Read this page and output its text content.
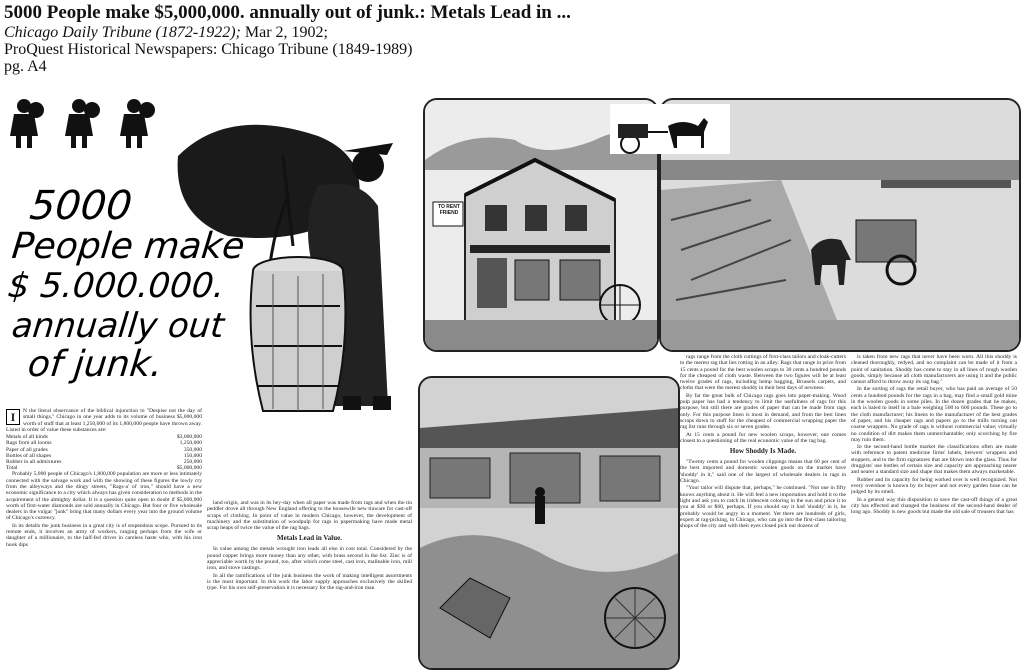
5000 People make $5,000,000. annually out of junk.: Metals Lead in ...
Chicago Daily Tribune (1872-1922); Mar 2, 1902;
ProQuest Historical Newspapers: Chicago Tribune (1849-1989)
pg. A4
5000
People make
$ 5.000.000.
annually out
of junk.
TO RENT
FRIEND
I	N the literal observance of the biblical injunction to "Despise not the day of small things," Chicago in one year adds to its volume of business $5,000,000 worth of stuff that at least 1,250,000 of its 1,800,000 people have thrown away. Listed in order of value these substances are:

Metals of all kinds	$3,000,000
Rags from all looms	1,250,000
Paper of all grades	350,000
Bottles of all shapes	150,000
Rubber in all admixtures	250,000
Total	$5,000,000

Probably 5,000 people of Chicago's 1,800,000 population are more or less intimately connected with the salvage work and with the showing of these figures the lowly cry from the alleyways and the dingy streets, "Rags-a' ol' iron," should have a new economic significance to a city which always has given consideration to methods in the acquirement of the almighty dollar. It is a question quite open to doubt if $5,000,000 worth of first-water diamonds are sold annually in Chicago. But four or five wholesale dealers in the vulgar "junk" bring that many dollars every year into the ground volume of Chicago's currency.

In its details the junk business in a great city is of stupendous scope. Pursued to its remote ends, it involves an army of workers, ranging perhaps from the wife or daughter of a millionaire, to the half-fed driver in careless haste who, with his iron hook dips

land origin, and was in its hey-day when all paper was made from rags and when the tin peddler drove all through New England offering to the housewife new tinware for cast-off scraps of clothing. In point of value in modern Chicago, however, the development of machinery and the substitution of woodpulp for rags in papermaking have made metal scrap heaps of twice the value of the rag bags.

Metals Lead in Value.

In value among the metals wrought iron leads all else in cost total. Considered by the pound copper brings more money than any other, with brass second in the list. Zinc is of appreciable worth by the pound, too, after which come steel, cast iron, malleable iron, mill iron, and stove castings.

In all the ramifications of the junk business the work of making intelligent assortments is the most important. In this work the labor supply approaches exclusively the skilled type. For his own self-preservation it is necessary for the rag-and-iron man

rags range from the cloth cuttings of first-class tailors and cloak-cutters to the merest rag that lies rotting in an alley. Rags that range in price from 15 cents a pound for the best woolen scraps to 30 cents a hundred pounds for the cheapest of cloth waste. Between the two figures will be at least twelve grades of rags, including hemp bagging, Brussels carpets, and cloths that were the merest shoddy in their best days of newness.

By far the great bulk of Chicago rags goes into paper-making. Wood pulp paper has had a tendency to limit the usefulness of rags for this purpose, but still there are grades of paper that can be made from rags only. For this purpose linen is most in demand, and from the best linen scraps down to stuff for the cheapest of commercial wrapping paper the rag list runs through six or seven grades.

At 15 cents a pound for new woolen scraps, however, one comes closest to a questioning of the real economic value of the rag bag.

How Shoddy Is Made.

"Twenty cents a pound for woolen clippings means that 60 per cent of the best imported and domestic woolen goods on the market have 'shoddy' in it," said one of the largest of wholesale dealers in rags in Chicago.

"Your tailor will dispute that, perhaps," he continued. "Not one in fifty knows anything about it. He will feel a new importation and hold it to the light and ask you to catch its iridescent coloring in the sun and price it to you at $30 or $60, perhaps. If you should say it had 'shoddy' in it, he probably would be angry in a moment. Yet there are hundreds of girls, expert at rag-picking, in Chicago, who can go into the first-class tailoring shops of the city and with their eyes closed pick out dozens of

is taken from new rags that never have been worn. All this shoddy is cleaned thoroughly, redyed, and no complaint can be made of it from a point of sanitation. Shoddy has come to stay in all lines of rough woolen goods, simply because all cloth manufacturers are using it and the public cannot afford to throw away its rag bag."

In the sorting of rags the retail buyer, who has paid an average of 50 cents a hundred pounds for the rags in a bag, may find a small gold mine in the woolen goods in some piles. In the dozen grades that he makes, each is baled to itself in a bale weighing 500 to 600 pounds. These go to the cloth manufacturer; his linens to the manufacturer of the best grades of paper, and his cheaper rags and papers go to the mills turning out coarse wrappers. No grade of rags is without commercial value; virtually no condition of dirt makes them unmerchantable; only scorching by fire may ruin them.

In the second-hand bottle market the classifications often are made with reference to patent medicine firms' labels, brewers' wrappers and stoppers, and to the firm signatures that are blown into the glass. Thus for druggists' use bottles of certain size and capacity are approaching nearer and nearer a standard size and shape that makes them always marketable.

Rubber and its capacity for being worked over is well recognized. Not every overshoe is known by its buyer and not every garden hose can be judged by its smell.

In a general way this disposition to save the cast-off things of a great city has effected and changed the business of the second-hand dealer of long ago. Shoddy is new goods but made the old sale of trousers that has
